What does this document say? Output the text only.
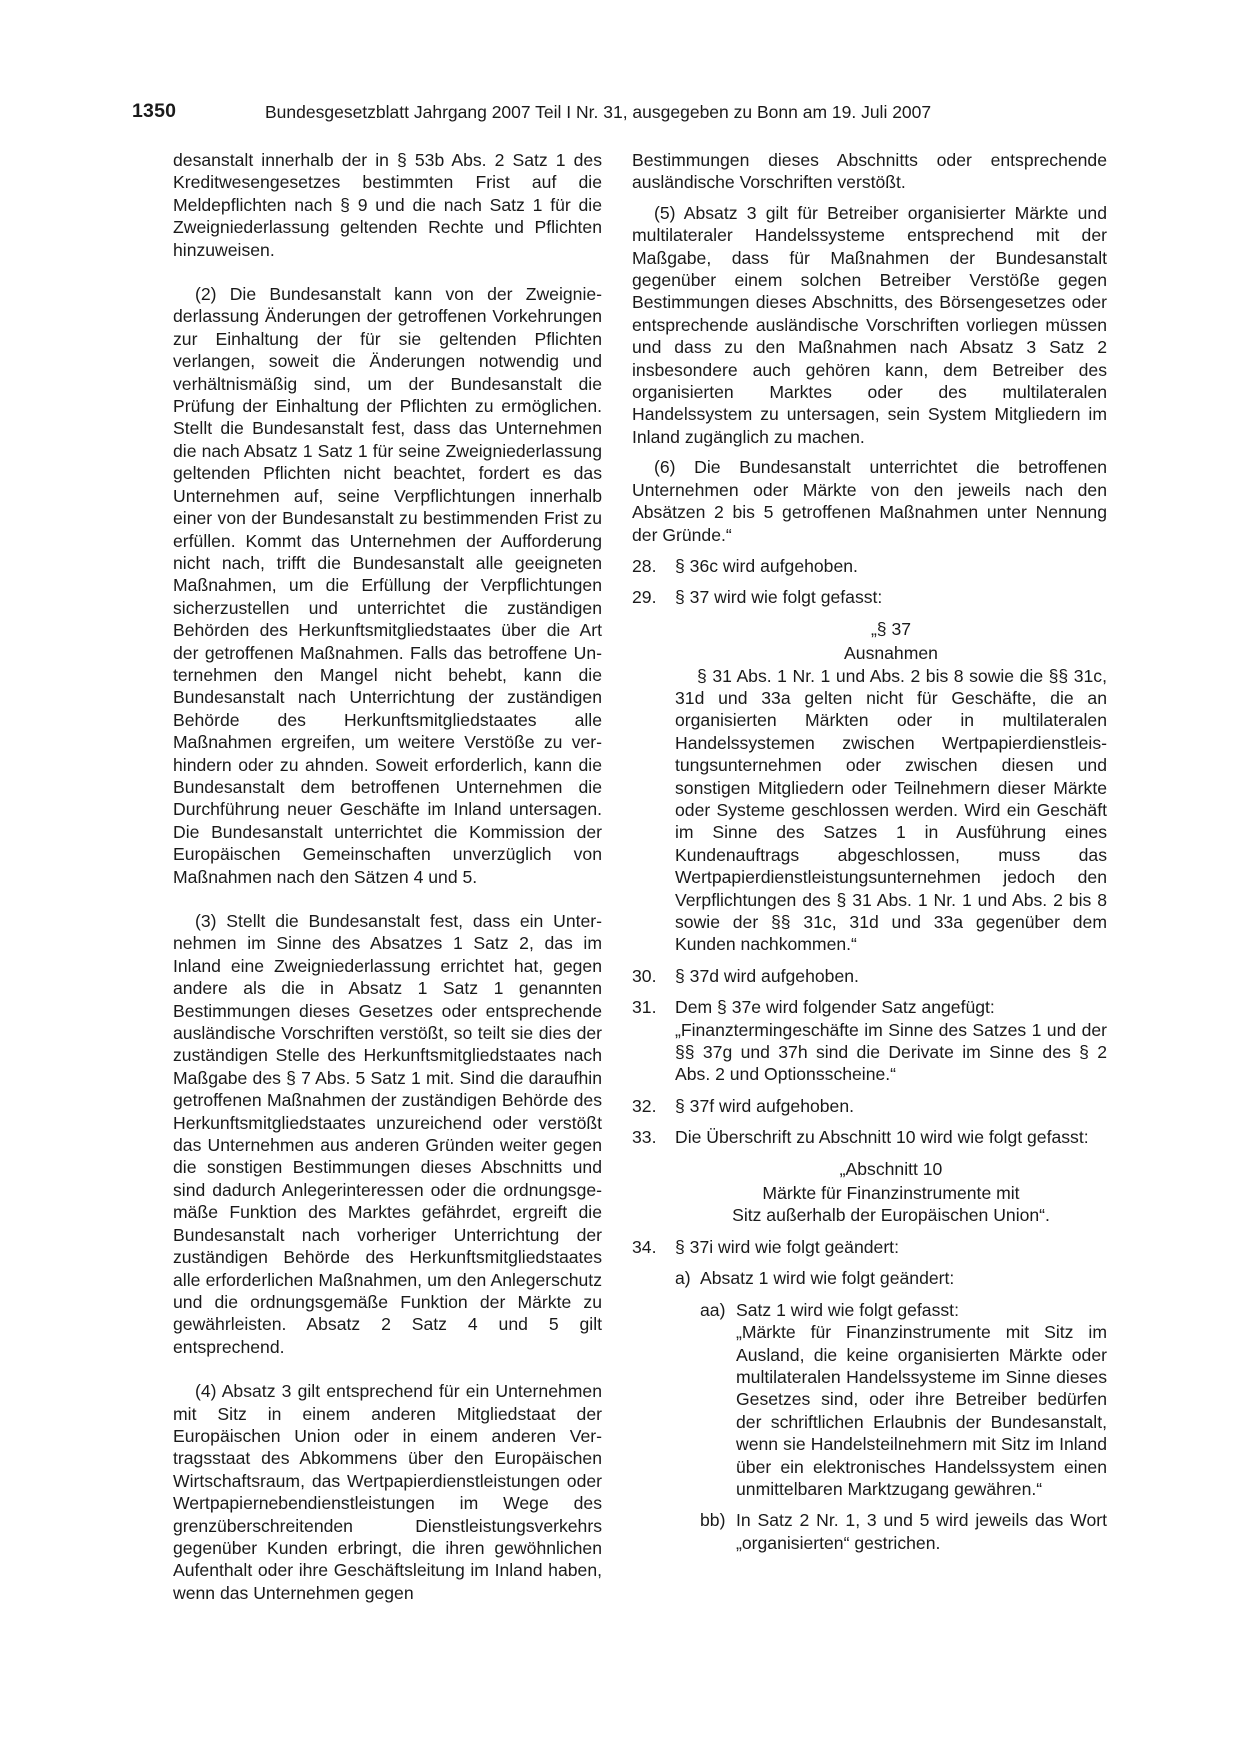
1350	Bundesgesetzblatt Jahrgang 2007 Teil I Nr. 31, ausgegeben zu Bonn am 19. Juli 2007

desanstalt innerhalb der in § 53b Abs. 2 Satz 1 des Kreditwesengesetzes bestimmten Frist auf die Meldepflichten nach § 9 und die nach Satz 1 für die Zweigniederlassung geltenden Rechte und Pflichten hinzuweisen.

(2) Die Bundesanstalt kann von der Zweigniederlassung Änderungen der getroffenen Vorkehrungen zur Einhaltung der für sie geltenden Pflichten verlangen, soweit die Änderungen notwendig und verhältnismäßig sind, um der Bundesanstalt die Prüfung der Einhaltung der Pflichten zu ermöglichen. Stellt die Bundesanstalt fest, dass das Unternehmen die nach Absatz 1 Satz 1 für seine Zweigniederlassung geltenden Pflichten nicht beachtet, fordert es das Unternehmen auf, seine Verpflichtungen innerhalb einer von der Bundesanstalt zu bestimmenden Frist zu erfüllen. Kommt das Unternehmen der Aufforderung nicht nach, trifft die Bundesanstalt alle geeigneten Maßnahmen, um die Erfüllung der Verpflichtungen sicherzustellen und unterrichtet die zuständigen Behörden des Herkunftsmitgliedstaates über die Art der getroffenen Maßnahmen. Falls das betroffene Unternehmen den Mangel nicht behebt, kann die Bundesanstalt nach Unterrichtung der zuständigen Behörde des Herkunftsmitgliedstaates alle Maßnahmen ergreifen, um weitere Verstöße zu verhindern oder zu ahnden. Soweit erforderlich, kann die Bundesanstalt dem betroffenen Unternehmen die Durchführung neuer Geschäfte im Inland untersagen. Die Bundesanstalt unterrichtet die Kommission der Europäischen Gemeinschaften unverzüglich von Maßnahmen nach den Sätzen 4 und 5.

(3) Stellt die Bundesanstalt fest, dass ein Unternehmen im Sinne des Absatzes 1 Satz 2, das im Inland eine Zweigniederlassung errichtet hat, gegen andere als die in Absatz 1 Satz 1 genannten Bestimmungen dieses Gesetzes oder entsprechende ausländische Vorschriften verstößt, so teilt sie dies der zuständigen Stelle des Herkunftsmitgliedstaates nach Maßgabe des § 7 Abs. 5 Satz 1 mit. Sind die daraufhin getroffenen Maßnahmen der zuständigen Behörde des Herkunftsmitgliedstaates unzureichend oder verstößt das Unternehmen aus anderen Gründen weiter gegen die sonstigen Bestimmungen dieses Abschnitts und sind dadurch Anlegerinteressen oder die ordnungsgemäße Funktion des Marktes gefährdet, ergreift die Bundesanstalt nach vorheriger Unterrichtung der zuständigen Behörde des Herkunftsmitgliedstaates alle erforderlichen Maßnahmen, um den Anlegerschutz und die ordnungsgemäße Funktion der Märkte zu gewährleisten. Absatz 2 Satz 4 und 5 gilt entsprechend.

(4) Absatz 3 gilt entsprechend für ein Unternehmen mit Sitz in einem anderen Mitgliedstaat der Europäischen Union oder in einem anderen Vertragsstaat des Abkommens über den Europäischen Wirtschaftsraum, das Wertpapierdienstleistungen oder Wertpapiernebendienstleistungen im Wege des grenzüberschreitenden Dienstleistungsverkehrs gegenüber Kunden erbringt, die ihren gewöhnlichen Aufenthalt oder ihre Geschäftsleitung im Inland haben, wenn das Unternehmen gegen

Bestimmungen dieses Abschnitts oder entsprechende ausländische Vorschriften verstößt.

(5) Absatz 3 gilt für Betreiber organisierter Märkte und multilateraler Handelssysteme entsprechend mit der Maßgabe, dass für Maßnahmen der Bundesanstalt gegenüber einem solchen Betreiber Verstöße gegen Bestimmungen dieses Abschnitts, des Börsengesetzes oder entsprechende ausländische Vorschriften vorliegen müssen und dass zu den Maßnahmen nach Absatz 3 Satz 2 insbesondere auch gehören kann, dem Betreiber des organisierten Marktes oder des multilateralen Handelssystem zu untersagen, sein System Mitgliedern im Inland zugänglich zu machen.

(6) Die Bundesanstalt unterrichtet die betroffenen Unternehmen oder Märkte von den jeweils nach den Absätzen 2 bis 5 getroffenen Maßnahmen unter Nennung der Gründe.“

28.	§ 36c wird aufgehoben.
29.	§ 37 wird wie folgt gefasst:
„§ 37
Ausnahmen

§ 31 Abs. 1 Nr. 1 und Abs. 2 bis 8 sowie die §§ 31c, 31d und 33a gelten nicht für Geschäfte, die an organisierten Märkten oder in multilateralen Handelssystemen zwischen Wertpapierdienstleistungsunternehmen oder zwischen diesen und sonstigen Mitgliedern oder Teilnehmern dieser Märkte oder Systeme geschlossen werden. Wird ein Geschäft im Sinne des Satzes 1 in Ausführung eines Kundenauftrags abgeschlossen, muss das Wertpapierdienstleistungsunternehmen jedoch den Verpflichtungen des § 31 Abs. 1 Nr. 1 und Abs. 2 bis 8 sowie der §§ 31c, 31d und 33a gegenüber dem Kunden nachkommen.“

30.	§ 37d wird aufgehoben.
31.	Dem § 37e wird folgender Satz angefügt:

„Finanztermingeschäfte im Sinne des Satzes 1 und der §§ 37g und 37h sind die Derivate im Sinne des § 2 Abs. 2 und Optionsscheine.“

32.	§ 37f wird aufgehoben.
33.	Die Überschrift zu Abschnitt 10 wird wie folgt gefasst:
„Abschnitt 10
Märkte für Finanzinstrumente mit
Sitz außerhalb der Europäischen Union“.
34.	§ 37i wird wie folgt geändert:
a) Absatz 1 wird wie folgt geändert:
aa) Satz 1 wird wie folgt gefasst:

„Märkte für Finanzinstrumente mit Sitz im Ausland, die keine organisierten Märkte oder multilateralen Handelssysteme im Sinne dieses Gesetzes sind, oder ihre Betreiber bedürfen der schriftlichen Erlaubnis der Bundesanstalt, wenn sie Handelsteilnehmern mit Sitz im Inland über ein elektronisches Handelssystem einen unmittelbaren Marktzugang gewähren.“

bb) In Satz 2 Nr. 1, 3 und 5 wird jeweils das Wort „organisierten“ gestrichen.
